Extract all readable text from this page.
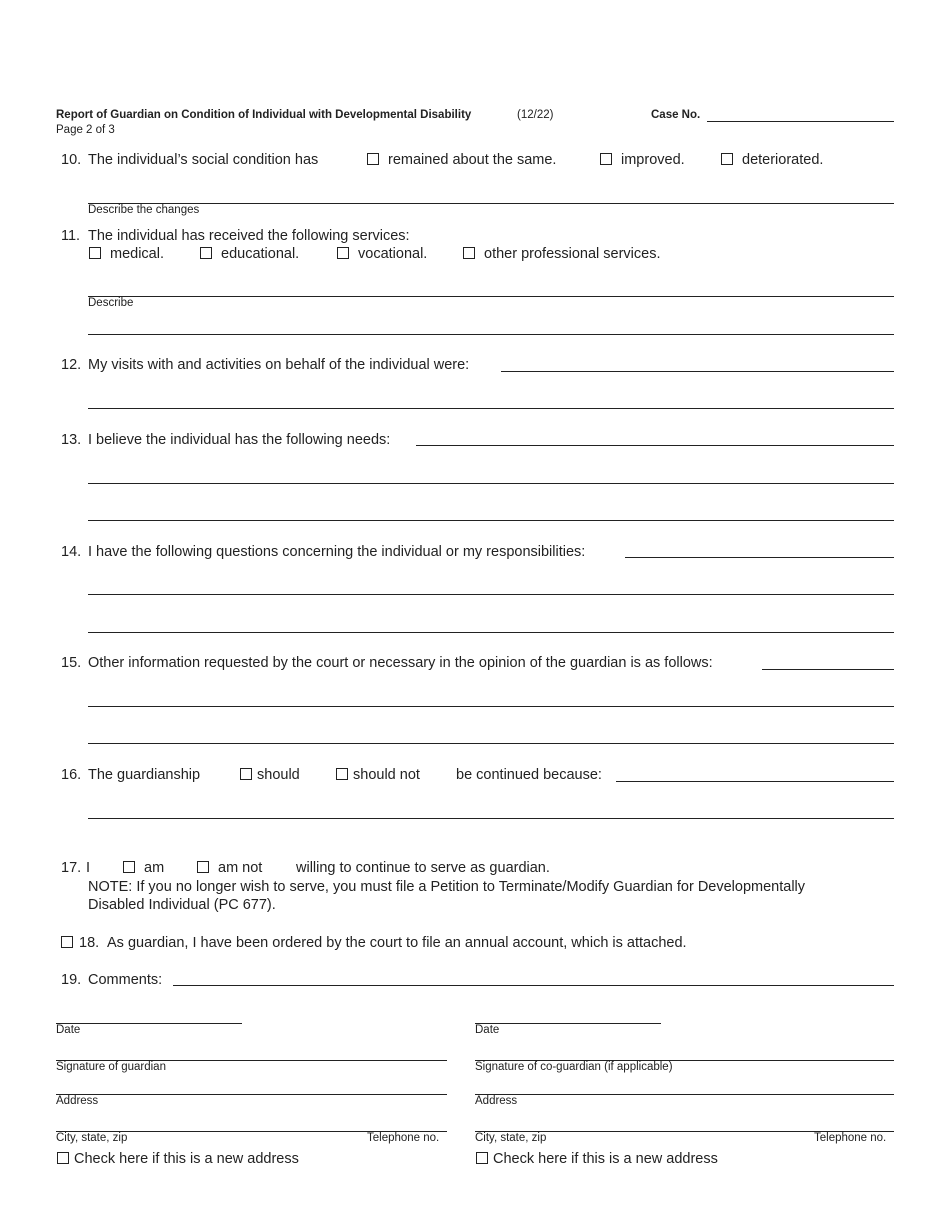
Report of Guardian on Condition of Individual with Developmental Disability	(12/22)	Case No.
Page 2 of 3
10. The individual’s social condition has	remained about the same.	improved.	deteriorated.
Describe the changes
11. The individual has received the following services:
medical.	educational.	vocational.	other professional services.
Describe
12. My visits with and activities on behalf of the individual were:
13. I believe the individual has the following needs:
14. I have the following questions concerning the individual or my responsibilities:
15. Other information requested by the court or necessary in the opinion of the guardian is as follows:
16. The guardianship	should	should not be continued because:
17. I	am	am not willing to continue to serve as guardian.
NOTE: If you no longer wish to serve, you must file a Petition to Terminate/Modify Guardian for Developmentally
Disabled Individual (PC 677).
18. As guardian, I have been ordered by the court to file an annual account, which is attached.
19. Comments:
Date
Signature of guardian
Address
City, state, zip	Telephone no.
Check here if this is a new address
Date
Signature of co-guardian (if applicable)
Address
City, state, zip	Telephone no.
Check here if this is a new address
